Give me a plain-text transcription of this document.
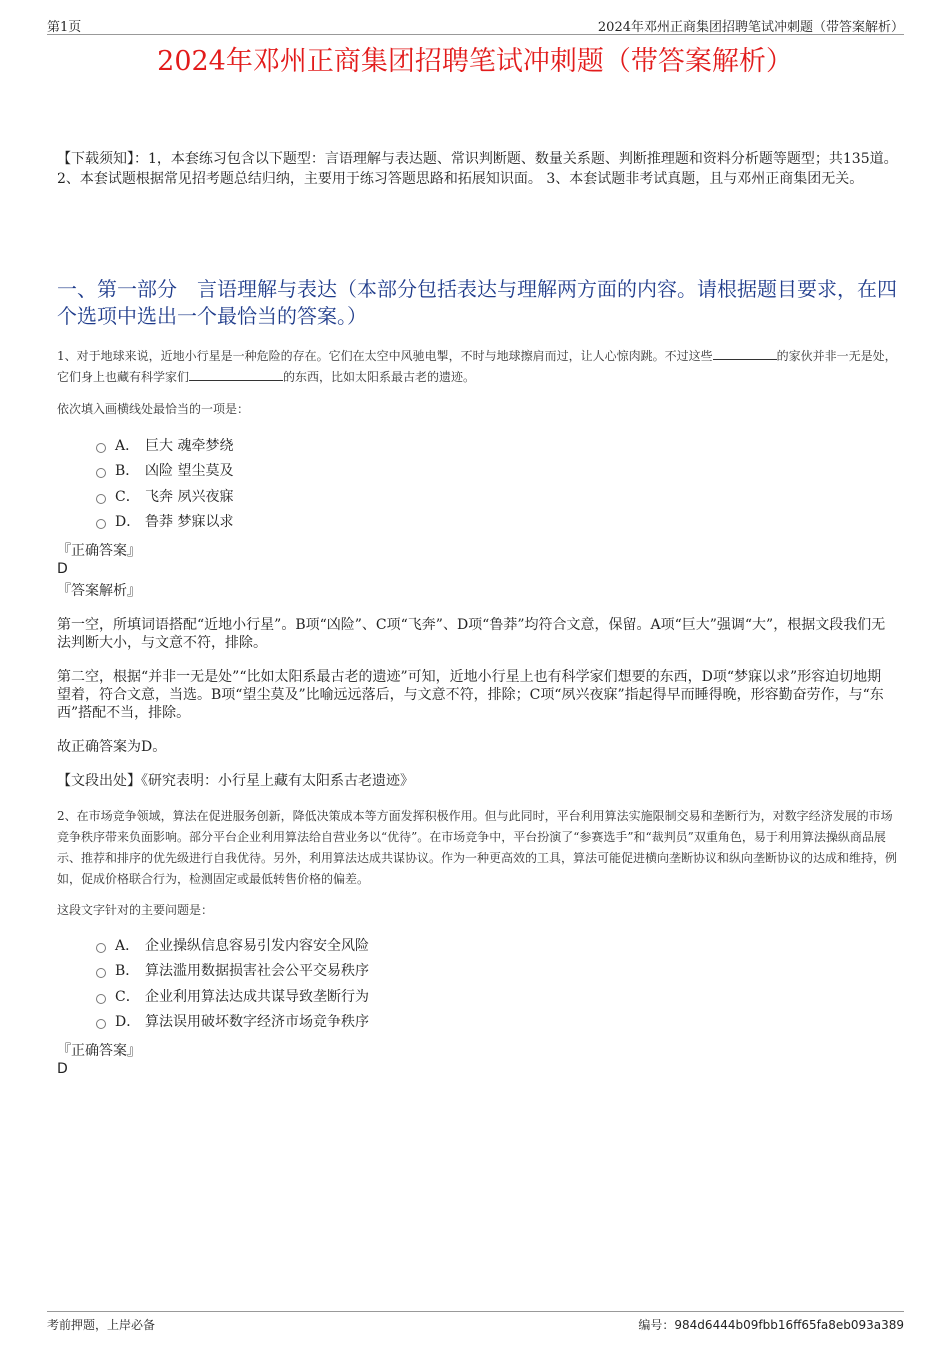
第1页	2024年邓州正商集团招聘笔试冲刺题（带答案解析）
2024年邓州正商集团招聘笔试冲刺题（带答案解析）
【下载须知】：1，本套练习包含以下题型：言语理解与表达题、常识判断题、数量关系题、判断推理题和资料分析题等题型；共135道。 2、本套试题根据常见招考题总结归纳，主要用于练习答题思路和拓展知识面。 3、本套试题非考试真题，且与邓州正商集团无关。
一、第一部分　言语理解与表达（本部分包括表达与理解两方面的内容。请根据题目要求，在四个选项中选出一个最恰当的答案。）
1、对于地球来说，近地小行星是一种危险的存在。它们在太空中风驰电掣，不时与地球擦肩而过，让人心惊肉跳。不过这些	的家伙并非一无是处，它们身上也藏有科学家们	的东西，比如太阳系最古老的遗迹。
依次填入画横线处最恰当的一项是：
A． 巨大 魂牵梦绕
B． 凶险 望尘莫及
C． 飞奔 夙兴夜寐
D． 鲁莽 梦寐以求
『正确答案』
D
『答案解析』
第一空，所填词语搭配“近地小行星”。B项“凶险”、C项“飞奔”、D项“鲁莽”均符合文意，保留。A项“巨大”强调“大”，根据文段我们无法判断大小，与文意不符，排除。
第二空，根据“并非一无是处”“比如太阳系最古老的遗迹”可知，近地小行星上也有科学家们想要的东西，D项“梦寐以求”形容迫切地期望着，符合文意，当选。B项“望尘莫及”比喻远远落后，与文意不符，排除；C项“夙兴夜寐”指起得早而睡得晚，形容勤奋劳作，与“东西”搭配不当，排除。
故正确答案为D。
【文段出处】《研究表明：小行星上藏有太阳系古老遗迹》
2、在市场竞争领域，算法在促进服务创新，降低决策成本等方面发挥积极作用。但与此同时，平台利用算法实施限制交易和垄断行为，对数字经济发展的市场竞争秩序带来负面影响。部分平台企业利用算法给自营业务以“优待”。在市场竞争中，平台扮演了“参赛选手”和“裁判员”双重角色，易于利用算法操纵商品展示、推荐和排序的优先级进行自我优待。另外，利用算法达成共谋协议。作为一种更高效的工具，算法可能促进横向垄断协议和纵向垄断协议的达成和维持，例如，促成价格联合行为，检测固定或最低转售价格的偏差。
这段文字针对的主要问题是：
A． 企业操纵信息容易引发内容安全风险
B． 算法滥用数据损害社会公平交易秩序
C． 企业利用算法达成共谋导致垄断行为
D． 算法误用破坏数字经济市场竞争秩序
『正确答案』
D
考前押题，上岸必备	编号：984d6444b09fbb16ff65fa8eb093a389
